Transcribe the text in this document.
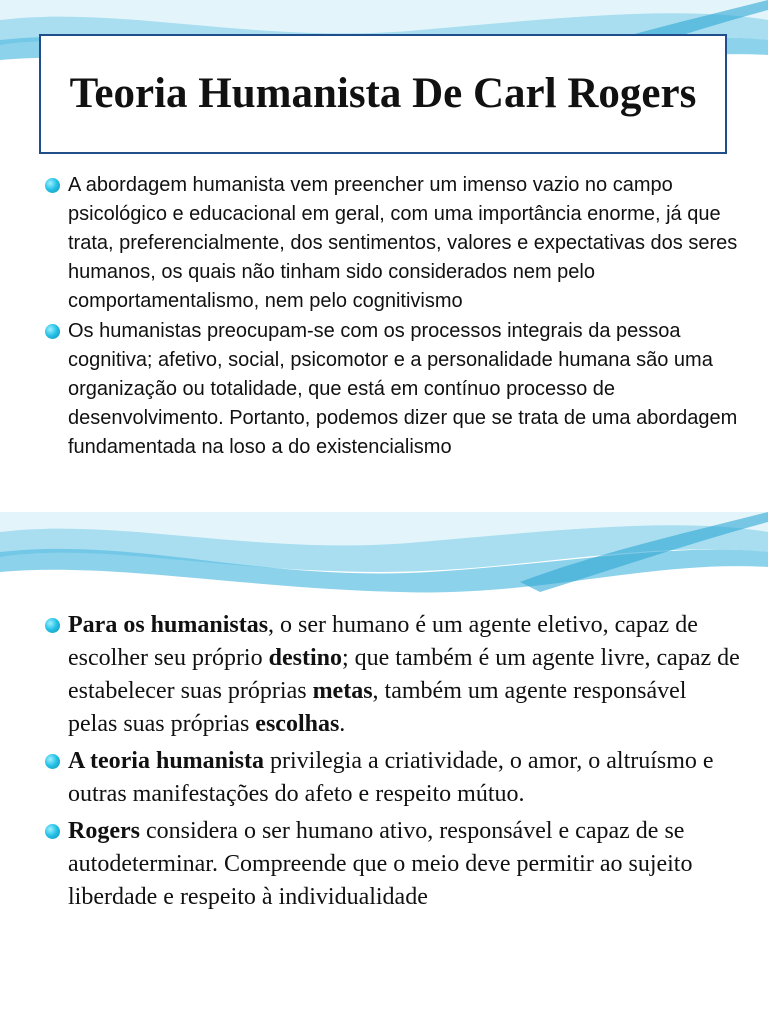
Teoria Humanista De Carl Rogers
A abordagem humanista vem preencher um imenso vazio no campo psicológico e educacional em geral, com uma importância enorme, já que trata, preferencialmente, dos sentimentos, valores e expectativas dos seres humanos, os quais não tinham sido considerados nem pelo comportamentalismo, nem pelo cognitivismo
Os humanistas preocupam-se com os processos integrais da pessoa cognitiva; afetivo, social, psicomotor e a personalidade humana são uma organização ou totalidade, que está em contínuo processo de desenvolvimento. Portanto, podemos dizer que se trata de uma abordagem fundamentada na loso a do existencialismo
Para os humanistas, o ser humano é um agente eletivo, capaz de escolher seu próprio destino; que também é um agente livre, capaz de estabelecer suas próprias metas, também um agente responsável pelas suas próprias escolhas.
A teoria humanista privilegia a criatividade, o amor, o altruísmo e outras manifestações do afeto e respeito mútuo.
Rogers considera o ser humano ativo, responsável e capaz de se autodeterminar. Compreende que o meio deve permitir ao sujeito liberdade e respeito à individualidade
